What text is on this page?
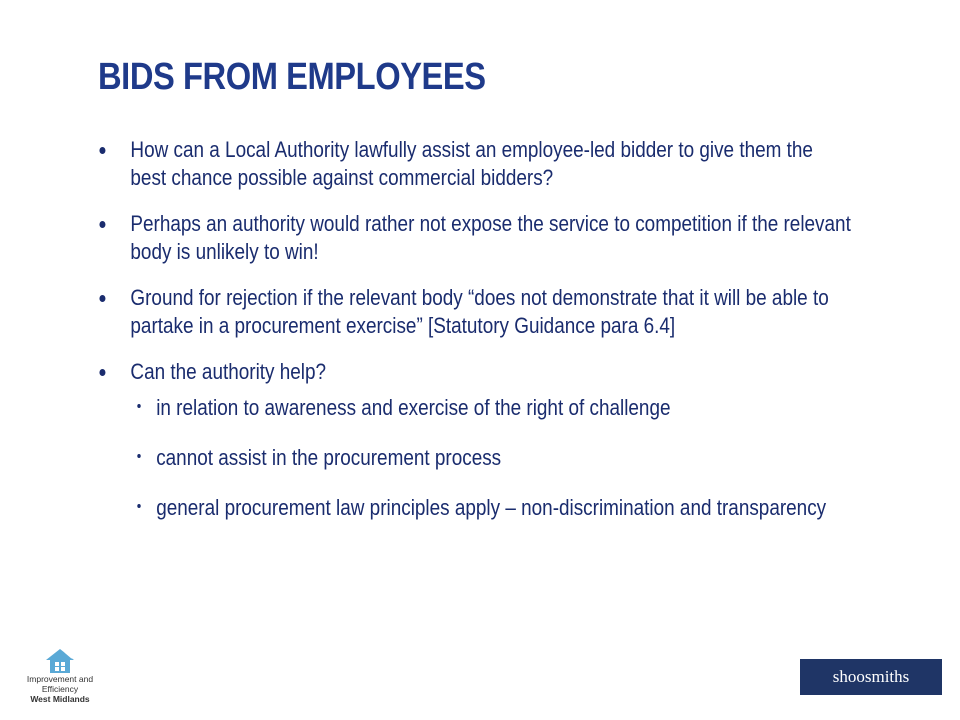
BIDS FROM EMPLOYEES
How can a Local Authority lawfully assist an employee-led bidder to give them the best chance possible against commercial bidders?
Perhaps an authority would rather not expose the service to competition if the relevant body is unlikely to win!
Ground for rejection if the relevant body “does not demonstrate that it will be able to partake in a procurement exercise” [Statutory Guidance para 6.4]
Can the authority help?
in relation to awareness and exercise of the right of challenge
cannot assist in the procurement process
general procurement law principles apply – non-discrimination and transparency
Improvement and
Efficiency
West Midlands
shoosmiths
